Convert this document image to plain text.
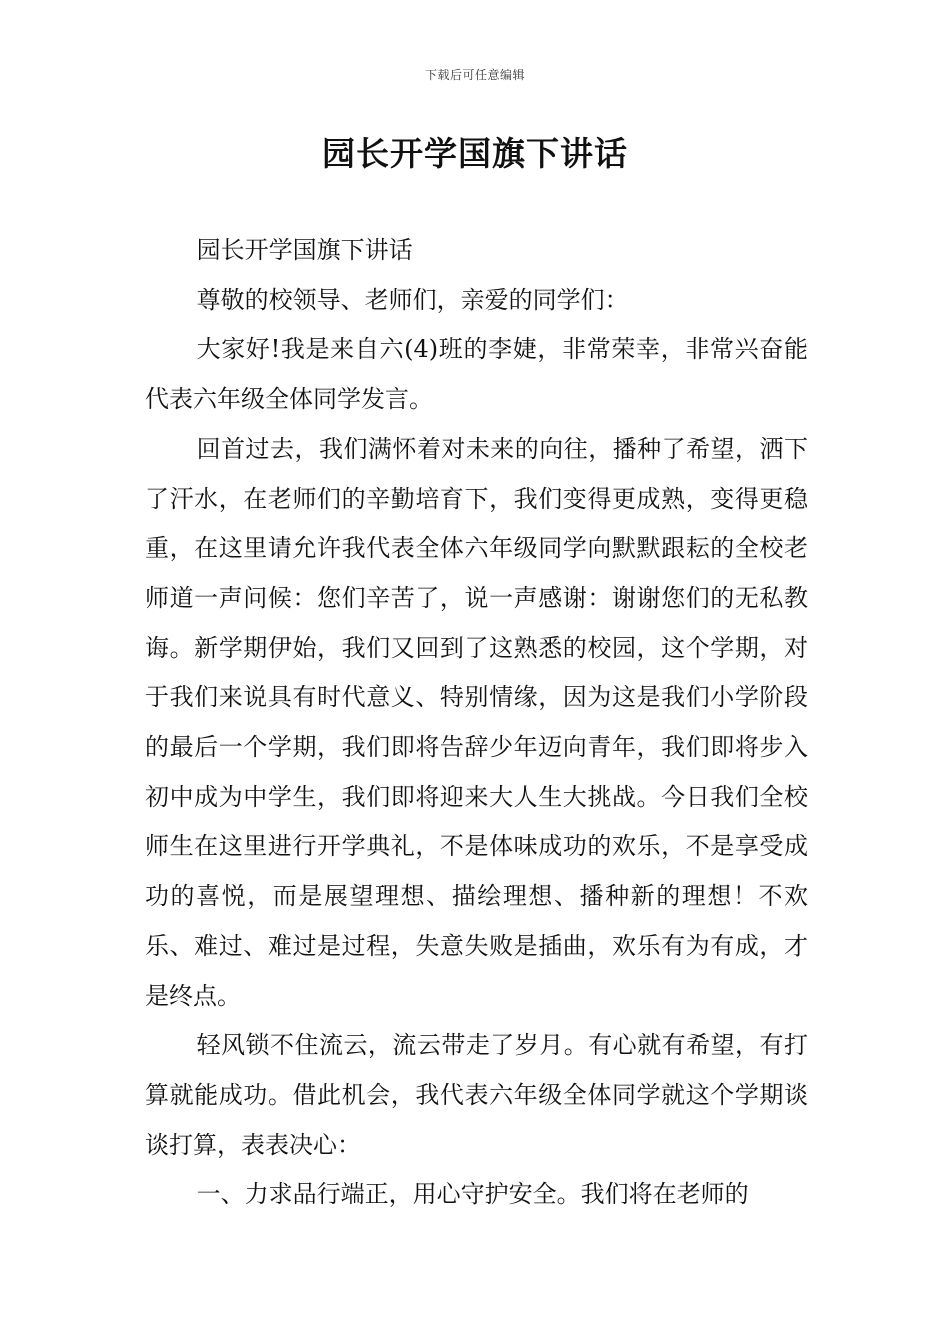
下载后可任意编辑
园长开学国旗下讲话

园长开学国旗下讲话

尊敬的校领导、老师们，亲爱的同学们：

大家好!我是来自六(4)班的李婕，非常荣幸，非常兴奋能代表六年级全体同学发言。

回首过去，我们满怀着对未来的向往，播种了希望，洒下了汗水，在老师们的辛勤培育下，我们变得更成熟，变得更稳重，在这里请允许我代表全体六年级同学向默默跟耘的全校老师道一声问候：您们辛苦了，说一声感谢：谢谢您们的无私教诲。新学期伊始，我们又回到了这熟悉的校园，这个学期，对于我们来说具有时代意义、特别情缘，因为这是我们小学阶段的最后一个学期，我们即将告辞少年迈向青年，我们即将步入初中成为中学生，我们即将迎来大人生大挑战。今日我们全校师生在这里进行开学典礼，不是体味成功的欢乐，不是享受成功的喜悦，而是展望理想、描绘理想、播种新的理想！不欢乐、难过、难过是过程，失意失败是插曲，欢乐有为有成，才是终点。

轻风锁不住流云，流云带走了岁月。有心就有希望，有打算就能成功。借此机会，我代表六年级全体同学就这个学期谈谈打算，表表决心：

一、力求品行端正，用心守护安全。我们将在老师的
